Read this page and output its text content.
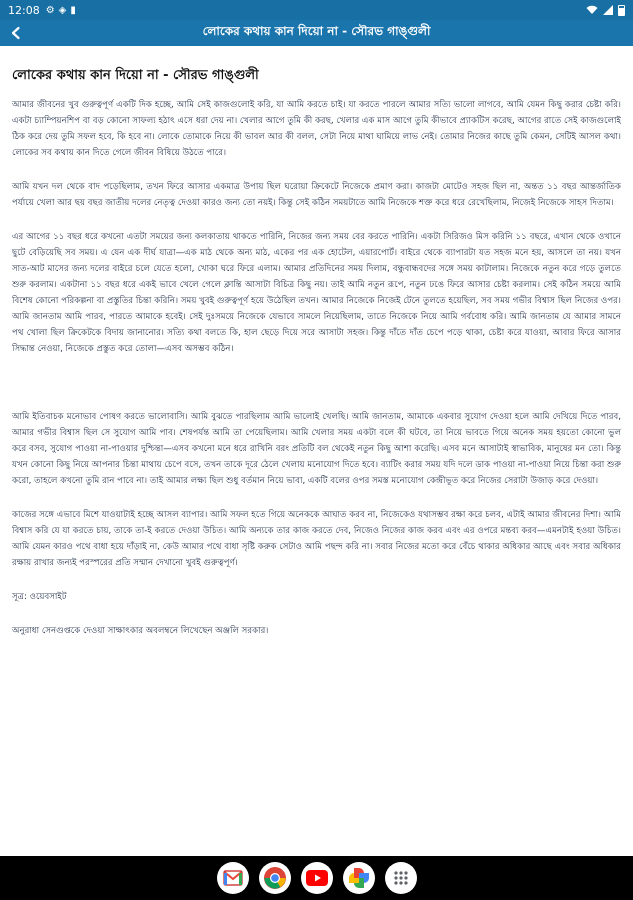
12:08 ⚙ ◈ ▮
লোকের কথায় কান দিয়ো না - সৌরভ গাঙ্গুলী
লোকের কথায় কান দিয়ো না - সৌরভ গাঙ্গুলী

আমার জীবনের খুব গুরুত্বপূর্ণ একটি দিক হচ্ছে, আমি সেই কাজগুলোই করি, যা আমি করতে চাই। যা করতে পারলে আমার সত্যি ভালো লাগবে, আমি যেমন কিছু করার চেষ্টা করি। একটা চ্যাম্পিয়নশিপ বা বড় কোনো সাফল্য হঠাৎ এসে ধরা দেয় না। খেলার আগে তুমি কী করছ, খেলার এক মাস আগে তুমি কীভাবে প্র্যাকটিস করেছ, আগের রাতে সেই কাজগুলোই ঠিক করে দেয় তুমি সফল হবে, কি হবে না। লোকে তোমাকে নিয়ে কী ভাবল আর কী বলল, সেটা নিয়ে মাথা ঘামিয়ে লাভ নেই। তোমার নিজের কাছে তুমি কেমন, সেটিই আসল কথা। লোকের সব কথায় কান দিতে গেলে জীবন বিষিয়ে উঠতে পারে।

আমি যখন দল থেকে বাদ পড়েছিলাম, তখন ফিরে আসার একমাত্র উপায় ছিল ঘরোয়া ক্রিকেটে নিজেকে প্রমাণ করা। কাজটা মোটেও সহজ ছিল না, অন্তত ১১ বছর আন্তর্জাতিক পর্যায়ে খেলা আর ছয় বছর জাতীয় দলের নেতৃত্ব দেওয়া কারও জন্য তো নয়ই। কিন্তু সেই কঠিন সময়টাতে আমি নিজেকে শক্ত করে ধরে রেখেছিলাম, নিজেই নিজেকে সাহস দিতাম।

এর আগের ১১ বছর ধরে কখনো এতটা সময়ের জন্য কলকাতায় থাকতে পারিনি, নিজের জন্য সময় বের করতে পারিনি। একটা সিরিজও মিস করিনি ১১ বছরে, এখান থেকে ওখানে ছুটে বেড়িয়েছি সব সময়। এ যেন এক দীর্ঘ যাত্রা—এক মাঠ থেকে অন্য মাঠ, একের পর এক হোটেল, এয়ারপোর্ট। বাইরে থেকে ব্যাপারটা যত সহজ মনে হয়, আসলে তা নয়। যখন সাত-আট মাসের জন্য দলের বাইরে চলে যেতে হলো, খোকা ঘরে ফিরে এলাম। আমার প্রতিদিনের সময় দিলাম, বন্ধুবান্ধবদের সঙ্গে সময় কাটালাম। নিজেকে নতুন করে গড়ে তুলতে শুরু করলাম। একটানা ১১ বছর ধরে একই ভাবে খেলে গেলে ক্লান্তি আসাটা বিচিত্র কিছু নয়। তাই আমি নতুন রূপে, নতুন ঢঙে ফিরে আসার চেষ্টা করলাম। সেই কঠিন সময়ে আমি বিশেষ কোনো পরিকল্পনা বা প্রস্তুতির চিন্তা করিনি। সময় খুবই গুরুত্বপূর্ণ হয়ে উঠেছিল তখন। আমার নিজেকে নিজেই টেনে তুলতে হয়েছিল, সব সময় গভীর বিশ্বাস ছিল নিজের ওপর। আমি জানতাম আমি পারব, পারতে আমাকে হবেই। সেই দুঃসময়ে নিজেকে যেভাবে সামলে নিয়েছিলাম, তাতে নিজেকে নিয়ে আমি গর্ববোধ করি। আমি জানতাম যে আমার সামনে পথ খোলা ছিল ক্রিকেটকে বিদায় জানানোর। সত্যি কথা বলতে কি, হাল ছেড়ে দিয়ে সরে আসাটা সহজ। কিন্তু দাঁতে দাঁত চেপে পড়ে থাকা, চেষ্টা করে যাওয়া, আবার ফিরে আসার সিদ্ধান্ত নেওয়া, নিজেকে প্রস্তুত করে তোলা—এসব অসম্ভব কঠিন।

আমি ইতিবাচক মনোভাব পোষণ করতে ভালোবাসি। আমি বুঝতে পারছিলাম আমি ভালোই খেলছি। আমি জানতাম, আমাকে একবার সুযোগ দেওয়া হলে আমি দেখিয়ে দিতে পারব, আমার গভীর বিশ্বাস ছিল সে সুযোগ আমি পাব। শেষপর্যন্ত আমি তা পেয়েছিলাম। আমি খেলার সময় একটা বলে কী ঘটবে, তা নিয়ে ভাবতে গিয়ে অনেক সময় হয়তো কোনো ভুল করে বসব, সুযোগ পাওয়া না-পাওয়ার দুশ্চিন্তা—এসব কখনো মনে ধরে রাখিনি বরং প্রতিটি বল থেকেই নতুন কিছু আশা করেছি। এসব মনে আসাটাই স্বাভাবিক, মানুষের মন তো। কিন্তু যখন কোনো কিছু নিয়ে আপনার চিন্তা মাথায় চেপে বসে, তখন তাকে দূরে ঠেলে খেলায় মনোযোগ দিতে হবে। ব্যাটিং করার সময় যদি দলে ডাক পাওয়া না-পাওয়া নিয়ে চিন্তা করা শুরু করো, তাহলে কখনো তুমি রান পাবে না। তাই আমার লক্ষ্য ছিল শুধু বর্তমান নিয়ে ভাবা, একটি বলের ওপর সমস্ত মনোযোগ কেন্দ্রীভূত করে নিজের সেরাটা উজাড় করে দেওয়া।

কাজের সঙ্গে এভাবে মিশে যাওয়াটাই হচ্ছে আসল ব্যাপার। আমি সফল হতে গিয়ে অনেককে আঘাত করব না, নিজেকেও যথাসম্ভব রক্ষা করে চলব, এটাই আমার জীবনের দিশা। আমি বিশ্বাস করি যে যা করতে চায়, তাকে তা-ই করতে দেওয়া উচিত। আমি অন্যকে তার কাজ করতে দেব, নিজেও নিজের কাজ করব এবং এর ওপরে মন্তব্য করব—এমনটাই হওয়া উচিত। আমি যেমন কারও পথে বাধা হয়ে দাঁড়াই না, কেউ আমার পথে বাধা সৃষ্টি করুক সেটাও আমি পছন্দ করি না। সবার নিজের মতো করে বেঁচে থাকার অধিকার আছে এবং সবার অধিকার রক্ষায় রাখার জন্যই পরস্পরের প্রতি সম্মান দেখানো খুবই গুরুত্বপূর্ণ।

সূত্র: ওয়েবসাইট

অনুরাধা সেনগুপ্তকে দেওয়া সাক্ষাৎকার অবলম্বনে লিখেছেন অঞ্জলি সরকার।
